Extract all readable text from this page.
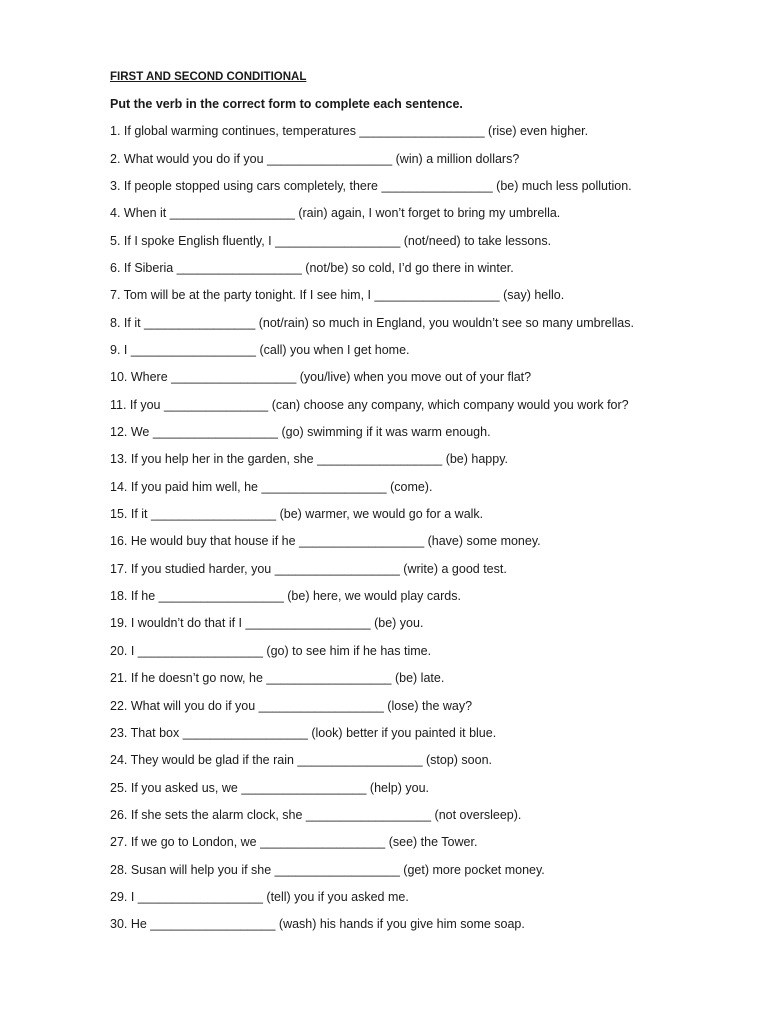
FIRST AND SECOND CONDITIONAL
Put the verb in the correct form to complete each sentence.
1. If global warming continues, temperatures __________________ (rise) even higher.
2. What would you do if you __________________ (win) a million dollars?
3. If people stopped using cars completely, there ________________ (be) much less pollution.
4. When it __________________ (rain) again, I won’t forget to bring my umbrella.
5. If I spoke English fluently, I __________________ (not/need) to take lessons.
6. If Siberia __________________ (not/be) so cold, I’d go there in winter.
7. Tom will be at the party tonight. If I see him, I __________________ (say) hello.
8. If it ________________ (not/rain) so much in England, you wouldn’t see so many umbrellas.
9. I __________________ (call) you when I get home.
10. Where __________________ (you/live) when you move out of your flat?
11. If you _______________ (can) choose any company, which company would you work for?
12. We __________________ (go) swimming if it was warm enough.
13. If you help her in the garden, she __________________ (be) happy.
14. If you paid him well, he __________________ (come).
15. If it __________________ (be) warmer, we would go for a walk.
16. He would buy that house if he __________________ (have) some money.
17. If you studied harder, you __________________ (write) a good test.
18. If he __________________ (be) here, we would play cards.
19. I wouldn’t do that if I __________________ (be) you.
20. I __________________ (go) to see him if he has time.
21. If he doesn’t go now, he __________________ (be) late.
22. What will you do if you __________________ (lose) the way?
23. That box __________________ (look) better if you painted it blue.
24. They would be glad if the rain __________________ (stop) soon.
25. If you asked us, we __________________ (help) you.
26. If she sets the alarm clock, she __________________ (not oversleep).
27. If we go to London, we __________________ (see) the Tower.
28. Susan will help you if she __________________ (get) more pocket money.
29. I __________________ (tell) you if you asked me.
30. He __________________ (wash) his hands if you give him some soap.
